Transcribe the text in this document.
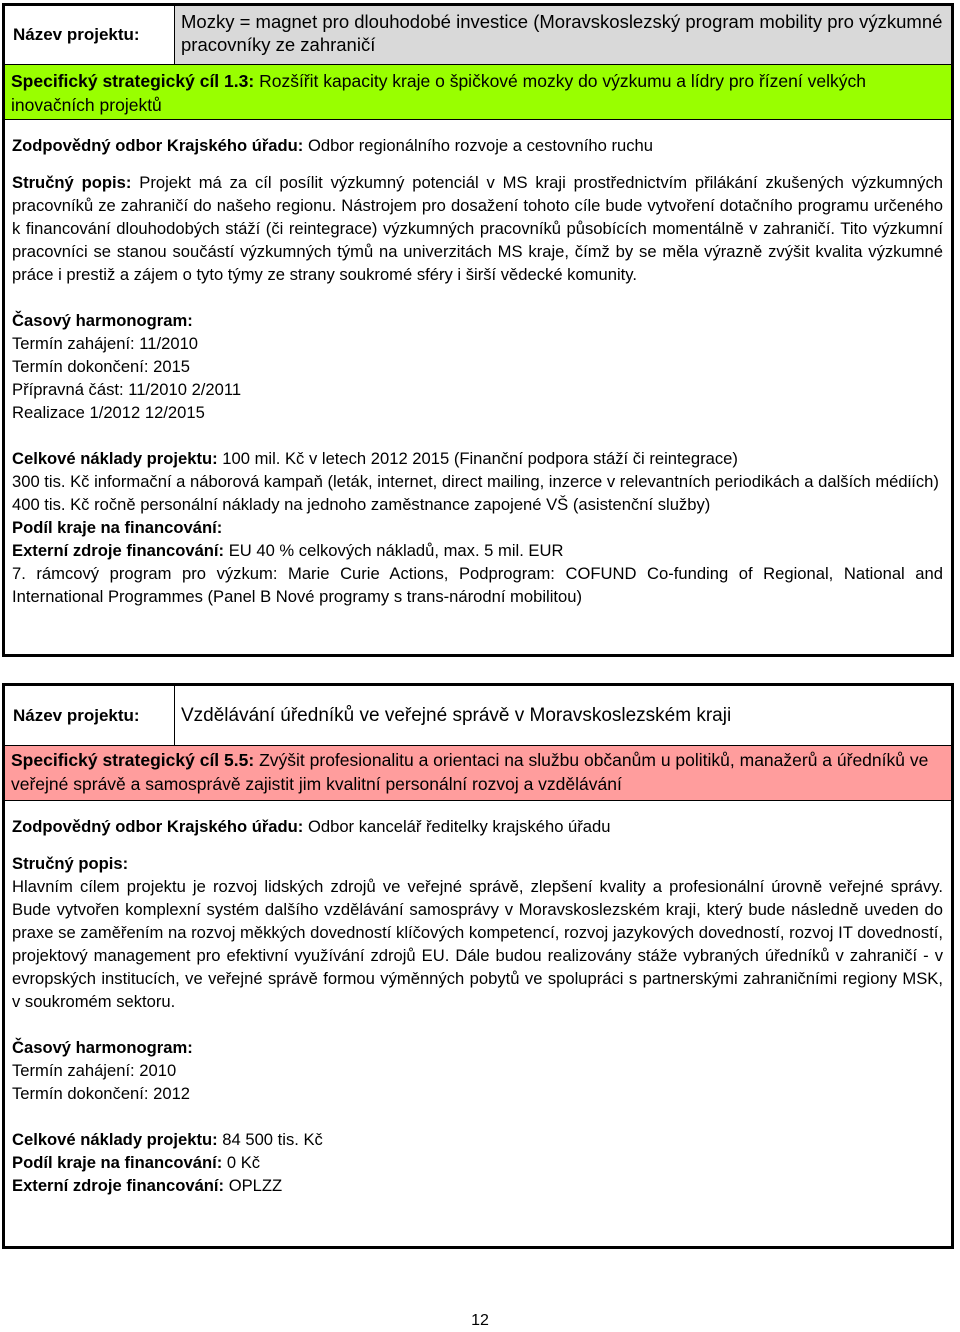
Název projektu:
Mozky = magnet pro dlouhodobé investice (Moravskoslezský program mobility pro výzkumné pracovníky ze zahraničí
Specifický strategický cíl 1.3: Rozšířit kapacity kraje o špičkové mozky do výzkumu a lídry pro řízení velkých inovačních projektů
Zodpovědný odbor Krajského úřadu: Odbor regionálního rozvoje a cestovního ruchu
Stručný popis: Projekt má za cíl posílit výzkumný potenciál v MS kraji prostřednictvím přilákání zkušených výzkumných pracovníků ze zahraničí do našeho regionu. Nástrojem pro dosažení tohoto cíle bude vytvoření dotačního programu určeného k financování dlouhodobých stáží (či reintegrace) výzkumných pracovníků působících momentálně v zahraničí. Tito výzkumní pracovníci se stanou součástí výzkumných týmů na univerzitách MS kraje, čímž by se měla výrazně zvýšit kvalita výzkumné práce i prestiž a zájem o tyto týmy ze strany soukromé sféry i širší vědecké komunity.
Časový harmonogram:
Termín zahájení: 11/2010
Termín dokončení: 2015
Přípravná část: 11/2010 2/2011
Realizace 1/2012 12/2015
Celkové náklady projektu: 100 mil. Kč v letech 2012 2015 (Finanční podpora stáží či reintegrace)
300 tis. Kč informační a náborová kampaň (leták, internet, direct mailing, inzerce v relevantních periodikách a dalších médiích)
400 tis. Kč ročně personální náklady na jednoho zaměstnance zapojené VŠ (asistenční služby)
Podíl kraje na financování:
Externí zdroje financování: EU 40 % celkových nákladů, max. 5 mil. EUR
7. rámcový program pro výzkum: Marie Curie Actions, Podprogram: COFUND Co-funding of Regional, National and International Programmes (Panel B Nové programy s trans-národní mobilitou)
Název projektu:	Vzdělávání úředníků ve veřejné správě v Moravskoslezském kraji
Specifický strategický cíl 5.5: Zvýšit profesionalitu a orientaci na službu občanům u politiků, manažerů a úředníků ve veřejné správě a samosprávě zajistit jim kvalitní personální rozvoj a vzdělávání
Zodpovědný odbor Krajského úřadu: Odbor kancelář ředitelky krajského úřadu
Stručný popis:
Hlavním cílem projektu je rozvoj lidských zdrojů ve veřejné správě, zlepšení kvality a profesionální úrovně veřejné správy. Bude vytvořen komplexní systém dalšího vzdělávání samosprávy v Moravskoslezském kraji, který bude následně uveden do praxe se zaměřením na rozvoj měkkých dovedností klíčových kompetencí, rozvoj jazykových dovedností, rozvoj IT dovedností, projektový management pro efektivní využívání zdrojů EU. Dále budou realizovány stáže vybraných úředníků v zahraničí - v evropských institucích, ve veřejné správě formou výměnných pobytů ve spolupráci s partnerskými zahraničními regiony MSK, v soukromém sektoru.
Časový harmonogram:
Termín zahájení: 2010
Termín dokončení: 2012
Celkové náklady projektu: 84 500 tis. Kč
Podíl kraje na financování: 0 Kč
Externí zdroje financování: OPLZZ
12
